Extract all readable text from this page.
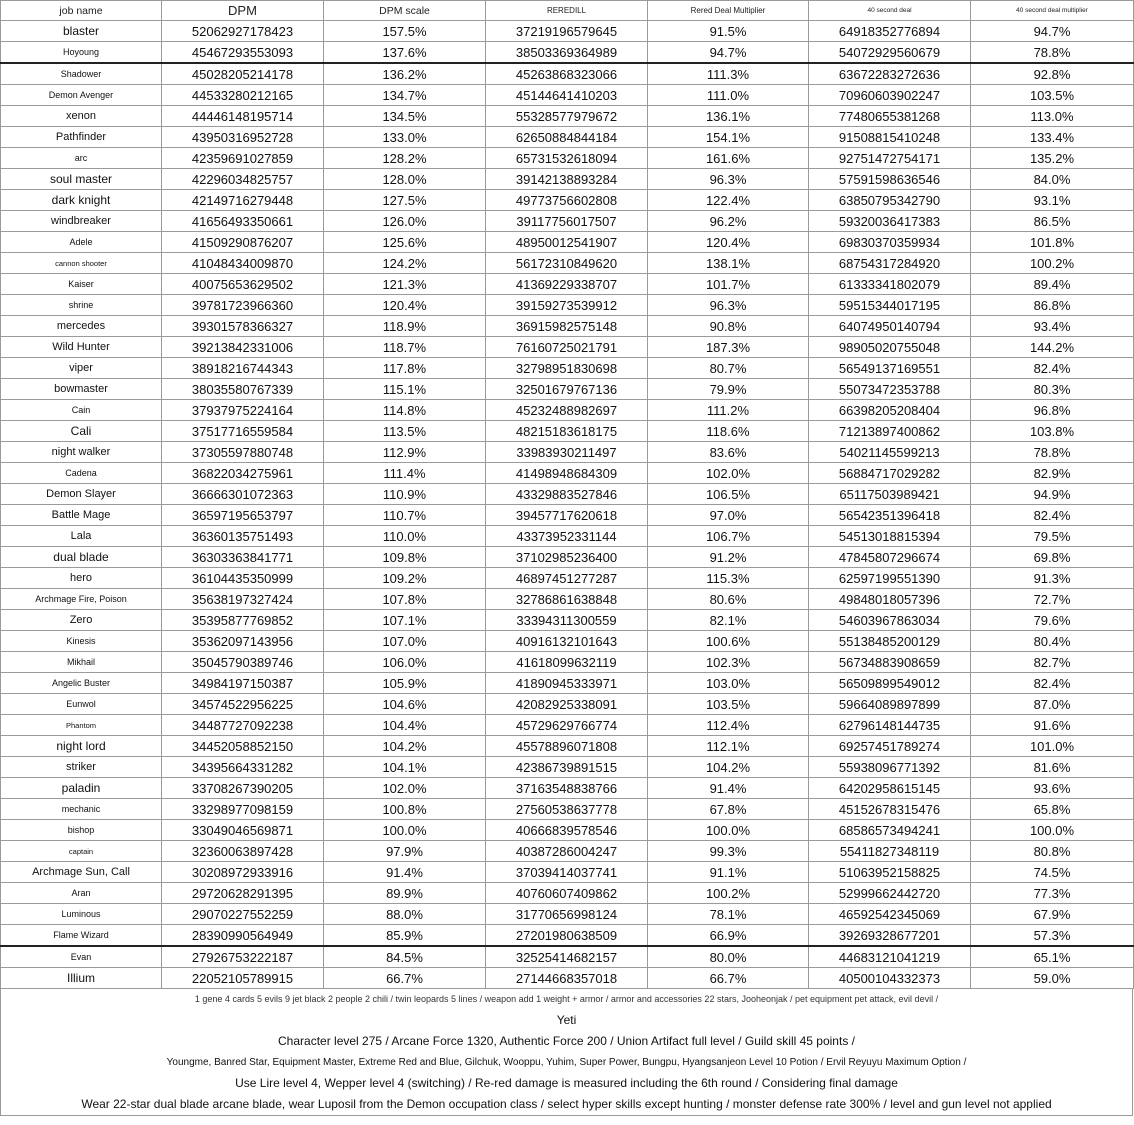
job name	DPM	DPM scale	REREDILL	Rered Deal Multiplier	40 second deal	40 second deal multiplier
blaster	52062927178423	157.5%	37219196579645	91.5%	64918352776894	94.7%
Hoyoung	45467293553093	137.6%	38503369364989	94.7%	54072929560679	78.8%
Shadower	45028205214178	136.2%	45263868323066	111.3%	63672283272636	92.8%
Demon Avenger	44533280212165	134.7%	45144641410203	111.0%	70960603902247	103.5%
xenon	44446148195714	134.5%	55328577979672	136.1%	77480655381268	113.0%
Pathfinder	43950316952728	133.0%	62650884844184	154.1%	91508815410248	133.4%
arc	42359691027859	128.2%	65731532618094	161.6%	92751472754171	135.2%
soul master	42296034825757	128.0%	39142138893284	96.3%	57591598636546	84.0%
dark knight	42149716279448	127.5%	49773756602808	122.4%	63850795342790	93.1%
windbreaker	41656493350661	126.0%	39117756017507	96.2%	59320036417383	86.5%
Adele	41509290876207	125.6%	48950012541907	120.4%	69830370359934	101.8%
cannon shooter	41048434009870	124.2%	56172310849620	138.1%	68754317284920	100.2%
Kaiser	40075653629502	121.3%	41369229338707	101.7%	61333341802079	89.4%
shrine	39781723966360	120.4%	39159273539912	96.3%	59515344017195	86.8%
mercedes	39301578366327	118.9%	36915982575148	90.8%	64074950140794	93.4%
Wild Hunter	39213842331006	118.7%	76160725021791	187.3%	98905020755048	144.2%
viper	38918216744343	117.8%	32798951830698	80.7%	56549137169551	82.4%
bowmaster	38035580767339	115.1%	32501679767136	79.9%	55073472353788	80.3%
Cain	37937975224164	114.8%	45232488982697	111.2%	66398205208404	96.8%
Cali	37517716559584	113.5%	48215183618175	118.6%	71213897400862	103.8%
night walker	37305597880748	112.9%	33983930211497	83.6%	54021145599213	78.8%
Cadena	36822034275961	111.4%	41498948684309	102.0%	56884717029282	82.9%
Demon Slayer	36666301072363	110.9%	43329883527846	106.5%	65117503989421	94.9%
Battle Mage	36597195653797	110.7%	39457717620618	97.0%	56542351396418	82.4%
Lala	36360135751493	110.0%	43373952331144	106.7%	54513018815394	79.5%
dual blade	36303363841771	109.8%	37102985236400	91.2%	47845807296674	69.8%
hero	36104435350999	109.2%	46897451277287	115.3%	62597199551390	91.3%
Archmage Fire, Poison	35638197327424	107.8%	32786861638848	80.6%	49848018057396	72.7%
Zero	35395877769852	107.1%	33394311300559	82.1%	54603967863034	79.6%
Kinesis	35362097143956	107.0%	40916132101643	100.6%	55138485200129	80.4%
Mikhail	35045790389746	106.0%	41618099632119	102.3%	56734883908659	82.7%
Angelic Buster	34984197150387	105.9%	41890945333971	103.0%	56509899549012	82.4%
Eunwol	34574522956225	104.6%	42082925338091	103.5%	59664089897899	87.0%
Phantom	34487727092238	104.4%	45729629766774	112.4%	62796148144735	91.6%
night lord	34452058852150	104.2%	45578896071808	112.1%	69257451789274	101.0%
striker	34395664331282	104.1%	42386739891515	104.2%	55938096771392	81.6%
paladin	33708267390205	102.0%	37163548838766	91.4%	64202958615145	93.6%
mechanic	33298977098159	100.8%	27560538637778	67.8%	45152678315476	65.8%
bishop	33049046569871	100.0%	40666839578546	100.0%	68586573494241	100.0%
captain	32360063897428	97.9%	40387286004247	99.3%	55411827348119	80.8%
Archmage Sun, Call	30208972933916	91.4%	37039414037741	91.1%	51063952158825	74.5%
Aran	29720628291395	89.9%	40760607409862	100.2%	52999662442720	77.3%
Luminous	29070227552259	88.0%	31770656998124	78.1%	46592542345069	67.9%
Flame Wizard	28390990564949	85.9%	27201980638509	66.9%	39269328677201	57.3%
Evan	27926753222187	84.5%	32525414682157	80.0%	44683121041219	65.1%
Illium	22052105789915	66.7%	27144668357018	66.7%	40500104332373	59.0%
1 gene 4 cards 5 evils 9 jet black 2 people 2 chili / twin leopards 5 lines / weapon add 1 weight + armor / armor and accessories 22 stars, Jooheonjak / pet equipment pet attack, evil devil /
Yeti
Character level 275 / Arcane Force 1320, Authentic Force 200 / Union Artifact full level / Guild skill 45 points /
Youngme, Banred Star, Equipment Master, Extreme Red and Blue, Gilchuk, Wooppu, Yuhim, Super Power, Bungpu, Hyangsanjeon Level 10 Potion / Ervil Reyuyu Maximum Option /
Use Lire level 4, Wepper level 4 (switching) / Re-red damage is measured including the 6th round / Considering final damage
Wear 22-star dual blade arcane blade, wear Luposil from the Demon occupation class / select hyper skills except hunting / monster defense rate 300% / level and gun level not applied
